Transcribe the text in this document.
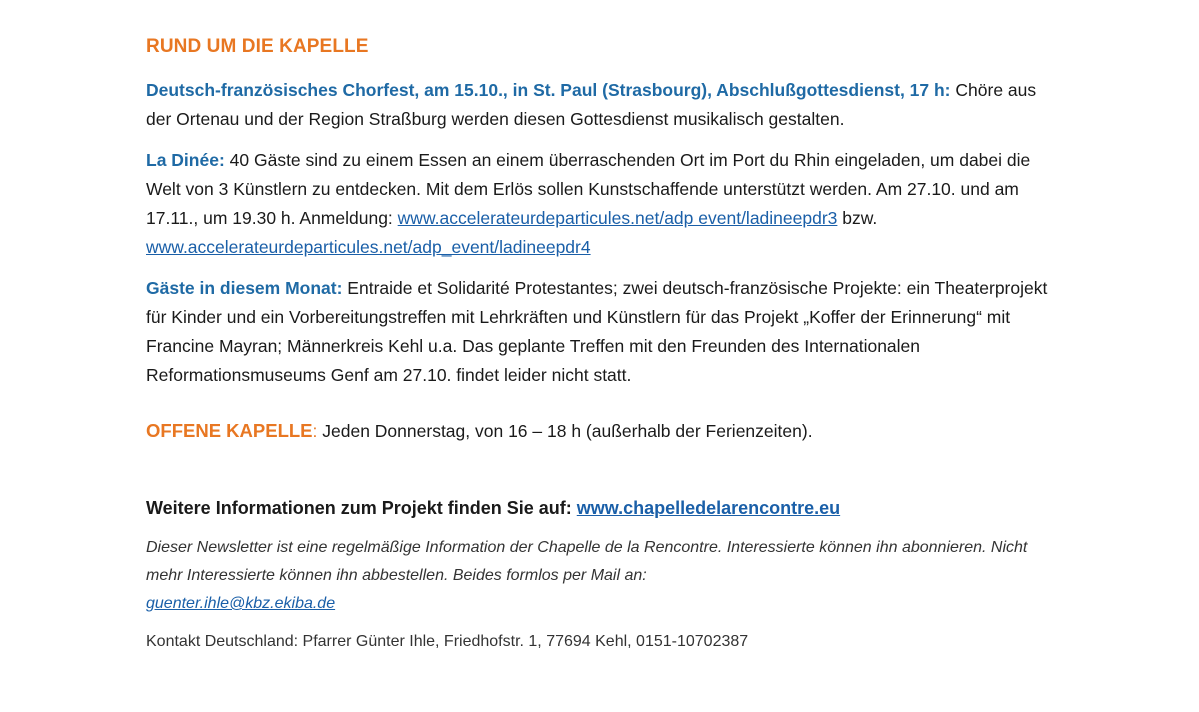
RUND UM DIE KAPELLE

Deutsch-französisches Chorfest, am 15.10., in St. Paul (Strasbourg), Abschlußgottesdienst, 17 h: Chöre aus der Ortenau und der Region Straßburg werden diesen Gottesdienst musikalisch gestalten.

La Dinée: 40 Gäste sind zu einem Essen an einem überraschenden Ort im Port du Rhin eingeladen, um dabei die Welt von 3 Künstlern zu entdecken. Mit dem Erlös sollen Kunstschaffende unterstützt werden. Am 27.10. und am 17.11., um 19.30 h. Anmeldung: www.accelerateurdeparticules.net/adp event/ladineepdr3 bzw. www.accelerateurdeparticules.net/adp_event/ladineepdr4

Gäste in diesem Monat: Entraide et Solidarité Protestantes; zwei deutsch-französische Projekte: ein Theaterprojekt für Kinder und ein Vorbereitungstreffen mit Lehrkräften und Künstlern für das Projekt „Koffer der Erinnerung“ mit Francine Mayran; Männerkreis Kehl u.a. Das geplante Treffen mit den Freunden des Internationalen Reformationsmuseums Genf am 27.10. findet leider nicht statt.

OFFENE KAPELLE: Jeden Donnerstag, von 16 – 18 h (außerhalb der Ferienzeiten).

Weitere Informationen zum Projekt finden Sie auf: www.chapelledelarencontre.eu
Dieser Newsletter ist eine regelmäßige Information der Chapelle de la Rencontre. Interessierte können ihn abonnieren. Nicht mehr Interessierte können ihn abbestellen. Beides formlos per Mail an:
guenter.ihle@kbz.ekiba.de
Kontakt Deutschland: Pfarrer Günter Ihle, Friedhofstr. 1, 77694 Kehl, 0151-10702387
